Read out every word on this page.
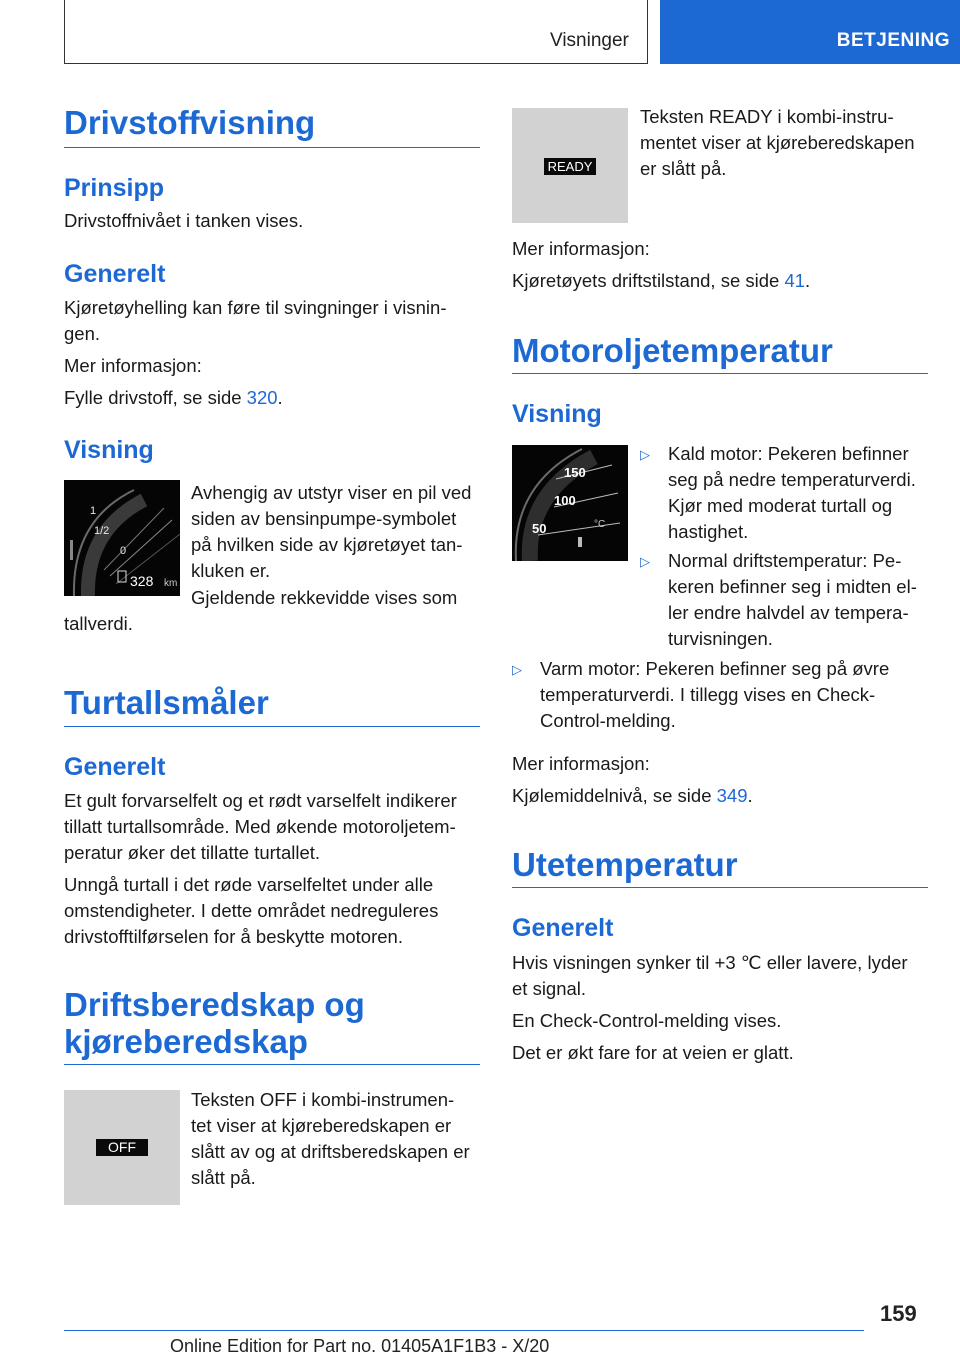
Visninger	BETJENING
Drivstoffvisning
Prinsipp
Drivstoffnivået i tanken vises.
Generelt
Kjøretøyhelling kan føre til svingninger i visnin-
gen.
Mer informasjon:
Fylle drivstoff, se side 320.
Visning
1
1/2
0
328 km
Avhengig av utstyr viser en pil ved
siden av bensinpumpe-symbolet
på hvilken side av kjøretøyet tan-
kluken er.
Gjeldende rekkevidde vises som
tallverdi.
Turtallsmåler
Generelt
Et gult forvarselfelt og et rødt varselfelt indikerer
tillatt turtallsområde. Med økende motoroljetem-
peratur øker det tillatte turtallet.
Unngå turtall i det røde varselfeltet under alle
omstendigheter. I dette området nedreguleres
drivstofftilførselen for å beskytte motoren.
Driftsberedskap og
kjøreberedskap
OFF
Teksten OFF i kombi-instrumen-
tet viser at kjøreberedskapen er
slått av og at driftsberedskapen er
slått på.
READY
Teksten READY i kombi-instru-
mentet viser at kjøreberedskapen
er slått på.
Mer informasjon:
Kjøretøyets driftstilstand, se side 41.
Motoroljetemperatur
Visning
150
100
50	°C
▷ Kald motor: Pekeren befinner
seg på nedre temperaturverdi.
Kjør med moderat turtall og
hastighet.
▷ Normal driftstemperatur: Pe-
keren befinner seg i midten el-
ler endre halvdel av tempera-
turvisningen.
▷ Varm motor: Pekeren befinner seg på øvre
temperaturverdi. I tillegg vises en Check-
Control-melding.
Mer informasjon:
Kjølemiddelnivå, se side 349.
Utetemperatur
Generelt
Hvis visningen synker til +3 ℃ eller lavere, lyder
et signal.
En Check-Control-melding vises.
Det er økt fare for at veien er glatt.
159
Online Edition for Part no. 01405A1F1B3 - X/20
